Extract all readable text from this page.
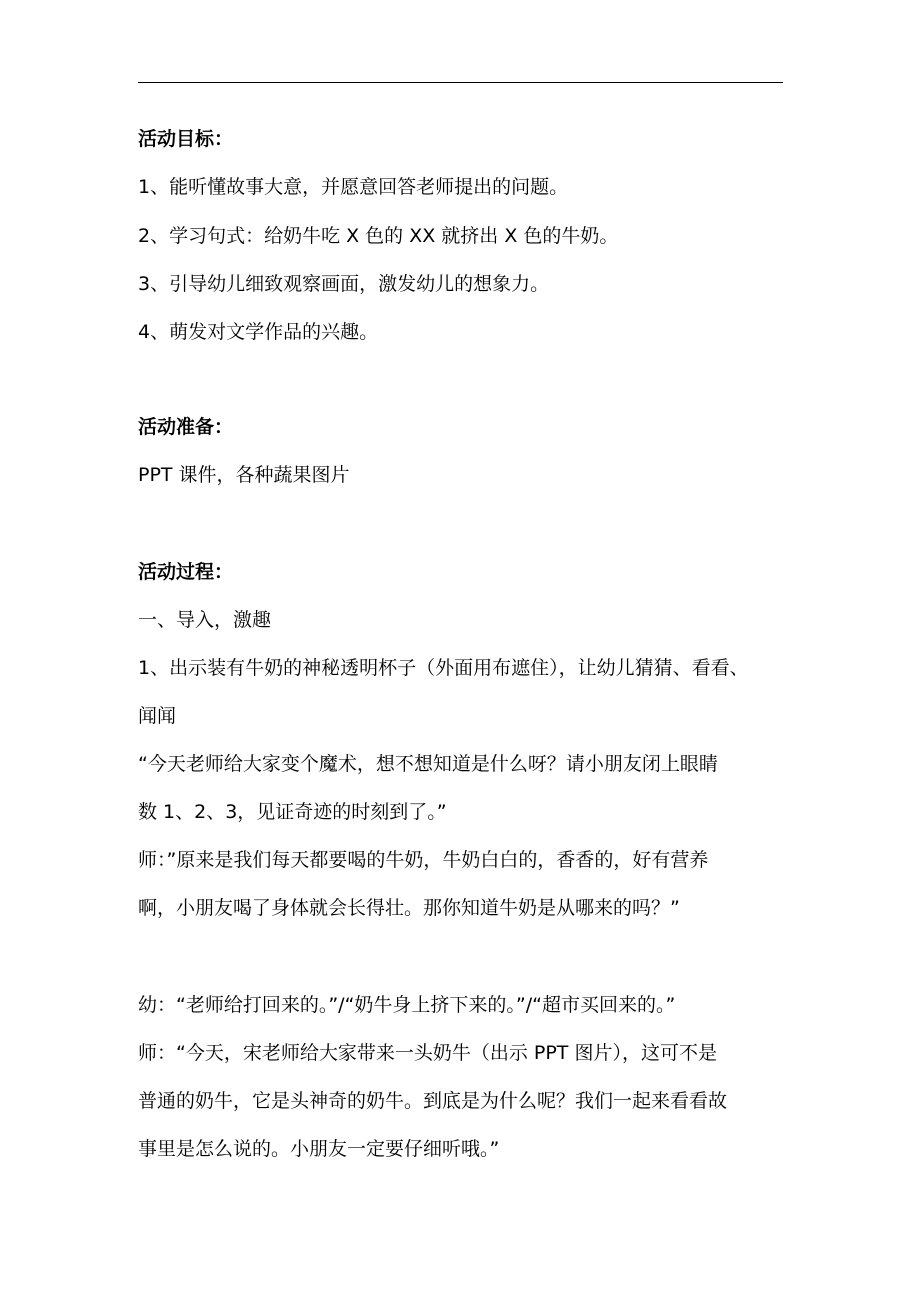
活动目标：
1、能听懂故事大意，并愿意回答老师提出的问题。
2、学习句式：给奶牛吃 X 色的 XX 就挤出 X 色的牛奶。
3、引导幼儿细致观察画面，激发幼儿的想象力。
4、萌发对文学作品的兴趣。
活动准备：
PPT 课件，各种蔬果图片
活动过程：
一、导入，激趣
1、出示装有牛奶的神秘透明杯子（外面用布遮住），让幼儿猜猜、看看、
闻闻
“今天老师给大家变个魔术，想不想知道是什么呀？请小朋友闭上眼睛
数 1、2、3，见证奇迹的时刻到了。”
师：”原来是我们每天都要喝的牛奶，牛奶白白的，香香的，好有营养
啊，小朋友喝了身体就会长得壮。那你知道牛奶是从哪来的吗？”
幼：“老师给打回来的。”/“奶牛身上挤下来的。”/“超市买回来的。”
师：“今天，宋老师给大家带来一头奶牛（出示 PPT 图片），这可不是
普通的奶牛，它是头神奇的奶牛。到底是为什么呢？我们一起来看看故
事里是怎么说的。小朋友一定要仔细听哦。”
